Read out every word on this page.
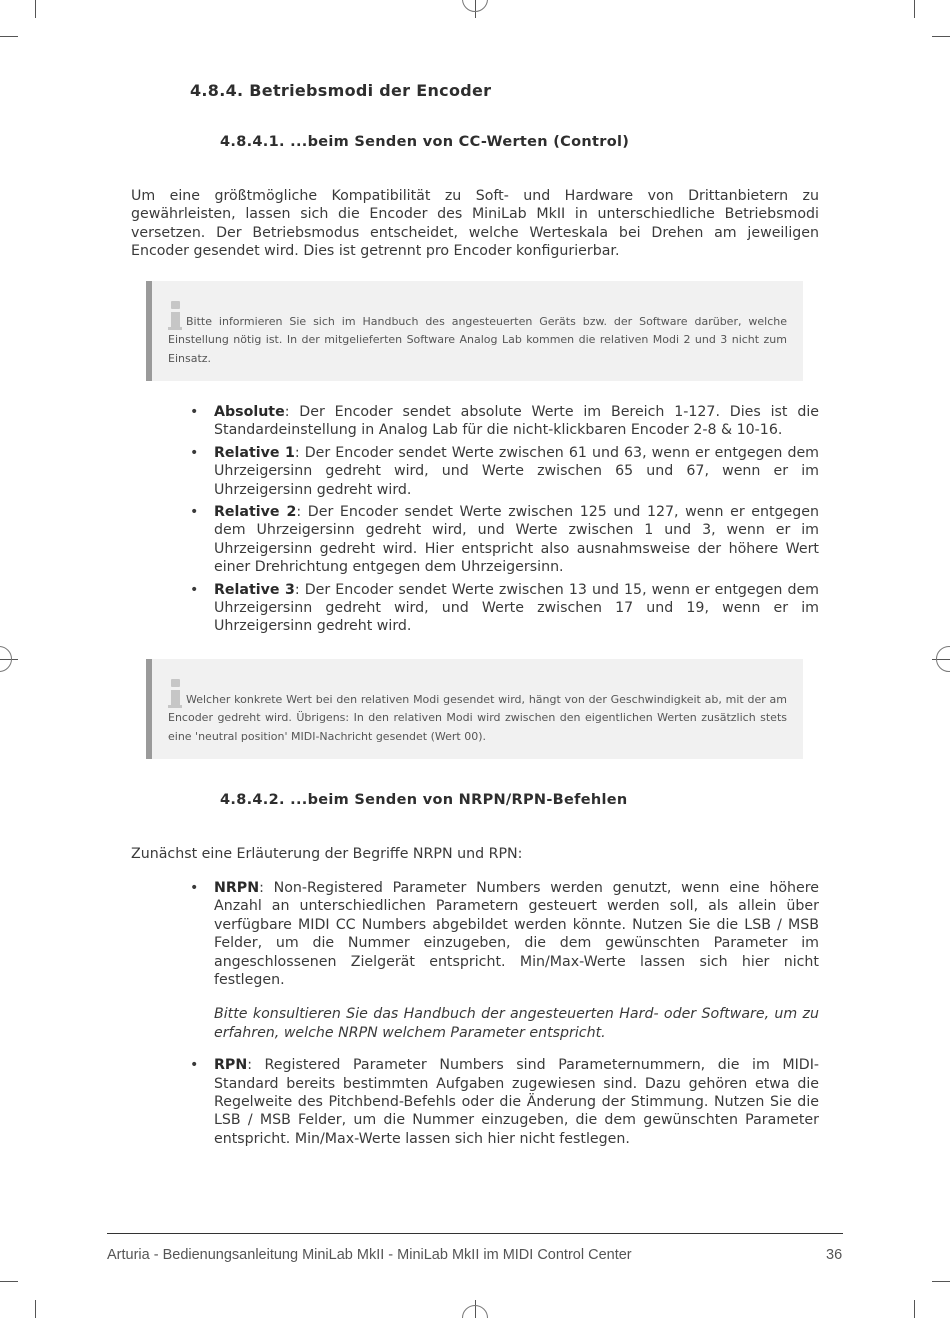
4.8.4. Betriebsmodi der Encoder
4.8.4.1. ...beim Senden von CC-Werten (Control)

Um eine größtmögliche Kompatibilität zu Soft- und Hardware von Drittanbietern zu gewährleisten, lassen sich die Encoder des MiniLab MkII in unterschiedliche Betriebsmodi versetzen. Der Betriebsmodus entscheidet, welche Werteskala bei Drehen am jeweiligen Encoder gesendet wird. Dies ist getrennt pro Encoder konfigurierbar.

Bitte informieren Sie sich im Handbuch des angesteuerten Geräts bzw. der Software darüber, welche Einstellung nötig ist. In der mitgelieferten Software Analog Lab kommen die relativen Modi 2 und 3 nicht zum Einsatz.

• Absolute: Der Encoder sendet absolute Werte im Bereich 1-127. Dies ist die Standardeinstellung in Analog Lab für die nicht-klickbaren Encoder 2-8 & 10-16.
• Relative 1: Der Encoder sendet Werte zwischen 61 und 63, wenn er entgegen dem Uhrzeigersinn gedreht wird, und Werte zwischen 65 und 67, wenn er im Uhrzeigersinn gedreht wird.
• Relative 2: Der Encoder sendet Werte zwischen 125 und 127, wenn er entgegen dem Uhrzeigersinn gedreht wird, und Werte zwischen 1 und 3, wenn er im Uhrzeigersinn gedreht wird. Hier entspricht also ausnahmsweise der höhere Wert einer Drehrichtung entgegen dem Uhrzeigersinn.
• Relative 3: Der Encoder sendet Werte zwischen 13 und 15, wenn er entgegen dem Uhrzeigersinn gedreht wird, und Werte zwischen 17 und 19, wenn er im Uhrzeigersinn gedreht wird.

Welcher konkrete Wert bei den relativen Modi gesendet wird, hängt von der Geschwindigkeit ab, mit der am Encoder gedreht wird. Übrigens: In den relativen Modi wird zwischen den eigentlichen Werten zusätzlich stets eine 'neutral position' MIDI-Nachricht gesendet (Wert 00).

4.8.4.2. ...beim Senden von NRPN/RPN-Befehlen

Zunächst eine Erläuterung der Begriffe NRPN und RPN:

• NRPN: Non-Registered Parameter Numbers werden genutzt, wenn eine höhere Anzahl an unterschiedlichen Parametern gesteuert werden soll, als allein über verfügbare MIDI CC Numbers abgebildet werden könnte. Nutzen Sie die LSB / MSB Felder, um die Nummer einzugeben, die dem gewünschten Parameter im angeschlossenen Zielgerät entspricht. Min/Max-Werte lassen sich hier nicht festlegen.

Bitte konsultieren Sie das Handbuch der angesteuerten Hard- oder Software, um zu erfahren, welche NRPN welchem Parameter entspricht.

• RPN: Registered Parameter Numbers sind Parameternummern, die im MIDI-Standard bereits bestimmten Aufgaben zugewiesen sind. Dazu gehören etwa die Regelweite des Pitchbend-Befehls oder die Änderung der Stimmung. Nutzen Sie die LSB / MSB Felder, um die Nummer einzugeben, die dem gewünschten Parameter entspricht. Min/Max-Werte lassen sich hier nicht festlegen.
Arturia - Bedienungsanleitung MiniLab MkII - MiniLab MkII im MIDI Control Center	36
